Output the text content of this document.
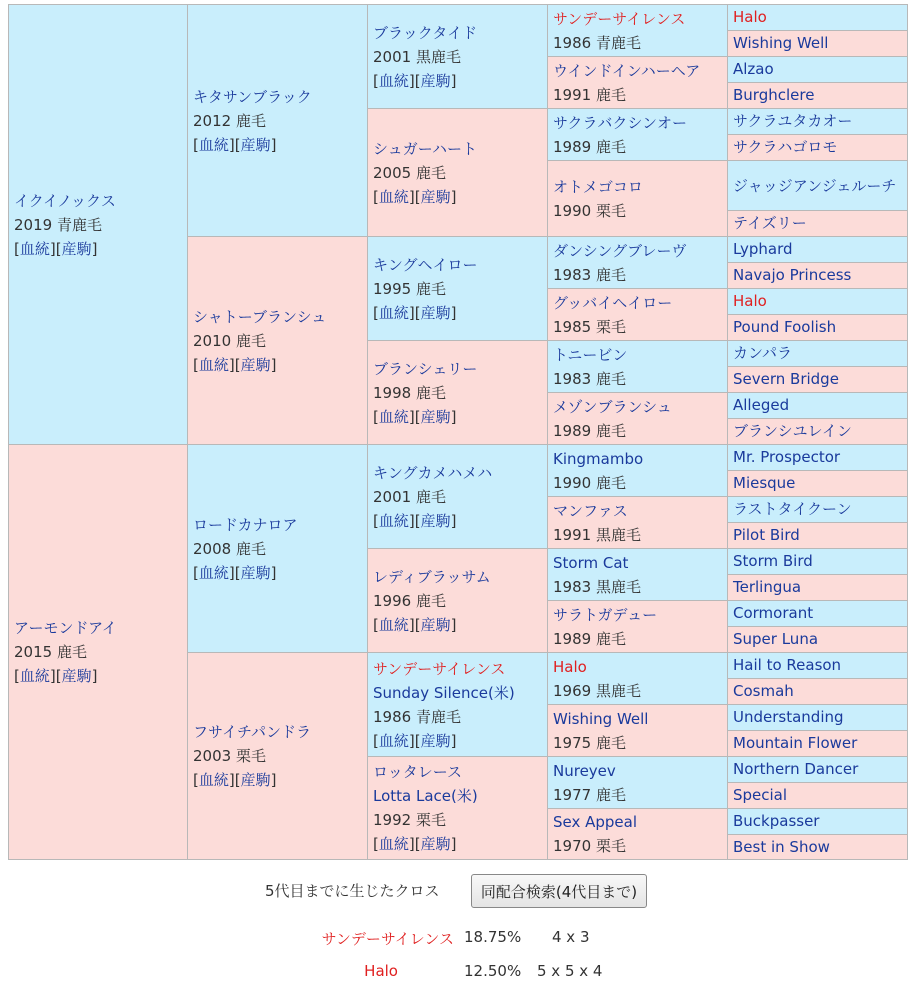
イクイノックス
2019 青鹿毛
[血統][産駒]
アーモンドアイ
2015 鹿毛
[血統][産駒]
キタサンブラック
2012 鹿毛
[血統][産駒]
シャトーブランシュ
2010 鹿毛
[血統][産駒]
ロードカナロア
2008 鹿毛
[血統][産駒]
フサイチパンドラ
2003 栗毛
[血統][産駒]
ブラックタイド
2001 黒鹿毛
[血統][産駒]
シュガーハート
2005 鹿毛
[血統][産駒]
キングヘイロー
1995 鹿毛
[血統][産駒]
ブランシェリー
1998 鹿毛
[血統][産駒]
キングカメハメハ
2001 鹿毛
[血統][産駒]
レディブラッサム
1996 鹿毛
[血統][産駒]
サンデーサイレンス
Sunday Silence(米)
1986 青鹿毛
[血統][産駒]
ロッタレース
Lotta Lace(米)
1992 栗毛
[血統][産駒]
サンデーサイレンス
1986 青鹿毛
ウインドインハーヘア
1991 鹿毛
サクラバクシンオー
1989 鹿毛
オトメゴコロ
1990 栗毛
ダンシングブレーヴ
1983 鹿毛
グッバイヘイロー
1985 栗毛
トニービン
1983 鹿毛
メゾンブランシュ
1989 鹿毛
Kingmambo
1990 鹿毛
マンファス
1991 黒鹿毛
Storm Cat
1983 黒鹿毛
サラトガデュー
1989 鹿毛
Halo
1969 黒鹿毛
Wishing Well
1975 鹿毛
Nureyev
1977 鹿毛
Sex Appeal
1970 栗毛
Halo
Wishing Well
Alzao
Burghclere
サクラユタカオー
サクラハゴロモ
ジャッジアンジェルーチ
テイズリー
Lyphard
Navajo Princess
Halo
Pound Foolish
カンパラ
Severn Bridge
Alleged
ブランシユレイン
Mr. Prospector
Miesque
ラストタイクーン
Pilot Bird
Storm Bird
Terlingua
Cormorant
Super Luna
Hail to Reason
Cosmah
Understanding
Mountain Flower
Northern Dancer
Special
Buckpasser
Best in Show
5代目までに生じたクロス	同配合検索(4代目まで)
サンデーサイレンス 18.75% 4 x 3
Halo	12.50% 5 x 5 x 4
